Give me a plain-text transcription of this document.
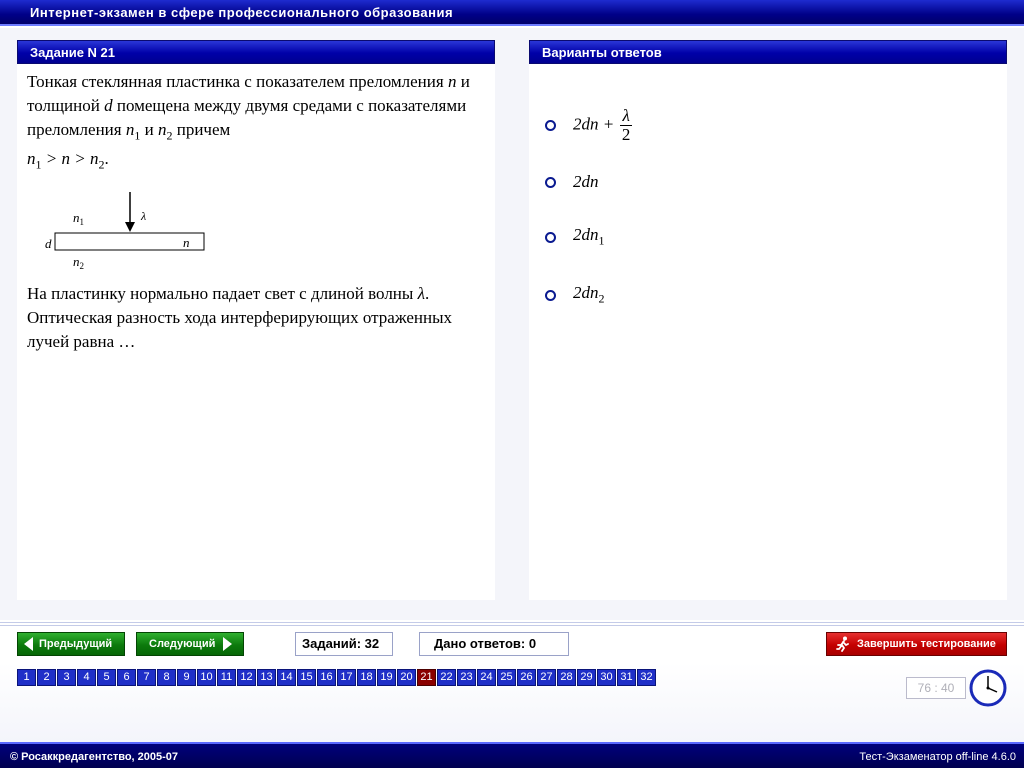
Интернет-экзамен в сфере профессионального образования
Задание N 21
Тонкая стеклянная пластинка с показателем преломления n и толщиной d помещена между двумя средами с показателями преломления $n_1$ и $n_2$ причем
$n_1 > n > n_2$.
$n_1$	λ
d	n
$n_2$
На пластинку нормально падает свет с длиной волны λ. Оптическая разность хода интерферирующих отраженных лучей равна …
Варианты ответов
$2dn + \frac{\lambda}{2}$
2dn
$2dn_1$
$2dn_2$
Предыдущий	Следующий	Заданий: 32	Дано ответов: 0	Завершить тестирование
1	2	3	4	5	6	7	8	9 10 11 12 13 14 15 16 17 18 19 20 21 22 23 24 25 26 27 28 29 30 31 32
76 : 40
© Росаккредагентство, 2005-07	Тест-Экзаменатор off-line 4.6.0
